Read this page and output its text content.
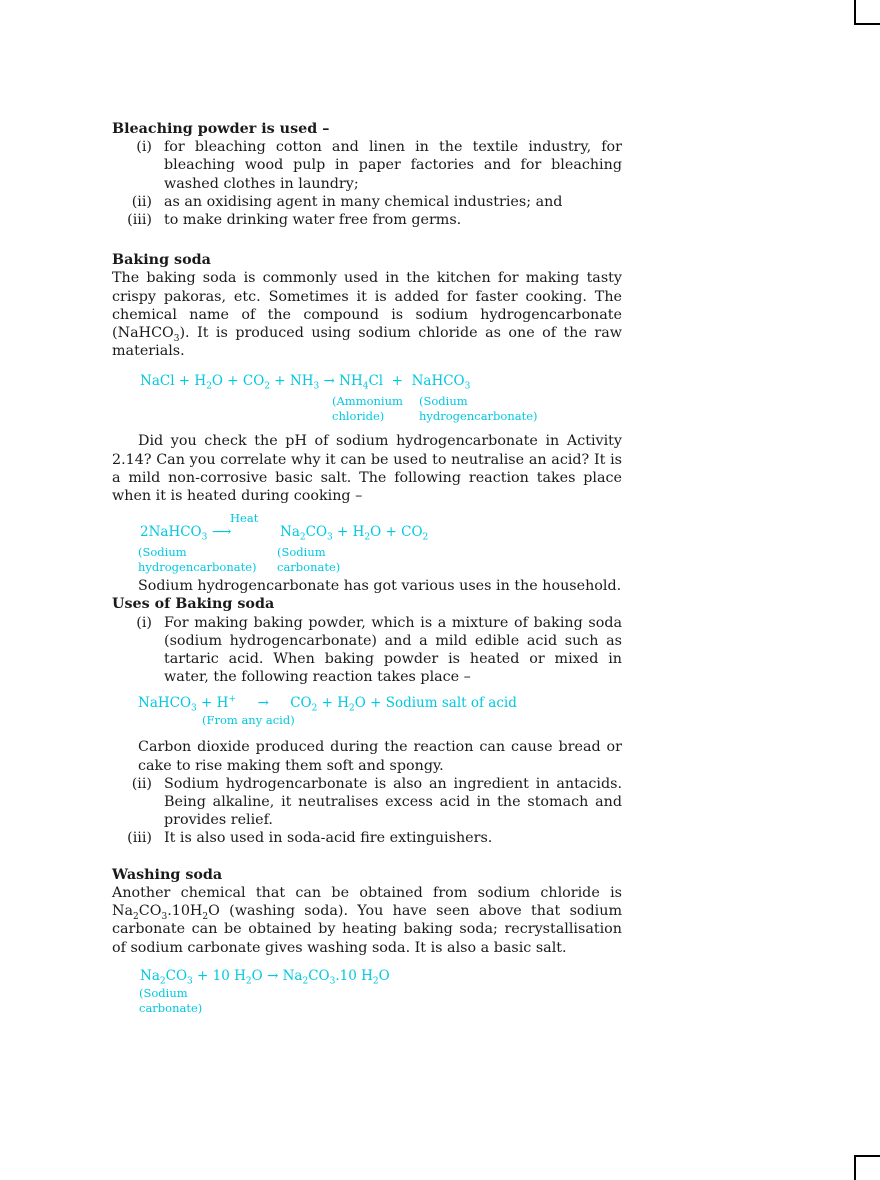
Bleaching powder is used –
(i) for bleaching cotton and linen in the textile industry, for bleaching wood pulp in paper factories and for bleaching washed clothes in laundry;
(ii) as an oxidising agent in many chemical industries; and
(iii) to make drinking water free from germs.
Baking soda
The baking soda is commonly used in the kitchen for making tasty crispy pakoras, etc. Sometimes it is added for faster cooking. The chemical name of the compound is sodium hydrogencarbonate (NaHCO$_3$). It is produced using sodium chloride as one of the raw materials.
NaCl + $H_2O + CO_2 + NH_3 \to NH_4Cl$  +  NaHCO$_3$
(Ammonium
chloride)
(Sodium
hydrogencarbonate)
Did you check the pH of sodium hydrogencarbonate in Activity 2.14? Can you correlate why it can be used to neutralise an acid? It is a mild non-corrosive basic salt. The following reaction takes place when it is heated during cooking –
2NaHCO$_3$
Heat
⟶	$Na_2CO_3 + H_2O + CO_2$
(Sodium
hydrogencarbonate)
(Sodium
carbonate)
Sodium hydrogencarbonate has got various uses in the household.
Uses of Baking soda
(i) For making baking powder, which is a mixture of baking soda (sodium hydrogencarbonate) and a mild edible acid such as tartaric acid. When baking powder is heated or mixed in water, the following reaction takes place –
NaHCO$_3$ + H+     →     $CO_2 + H_2O$ + Sodium salt of acid
(From any acid)
Carbon dioxide produced during the reaction can cause bread or cake to rise making them soft and spongy.
(ii) Sodium hydrogencarbonate is also an ingredient in antacids. Being alkaline, it neutralises excess acid in the stomach and provides relief.
(iii) It is also used in soda-acid fire extinguishers.
Washing soda
Another chemical that can be obtained from sodium chloride is $Na_2CO_3.10H_2O$ (washing soda). You have seen above that sodium carbonate can be obtained by heating baking soda; recrystallisation of sodium carbonate gives washing soda. It is also a basic salt.
$Na_2CO_3 + 10$ $H_2O \to Na_2CO_3.10$ $H_2O$
(Sodium
carbonate)
